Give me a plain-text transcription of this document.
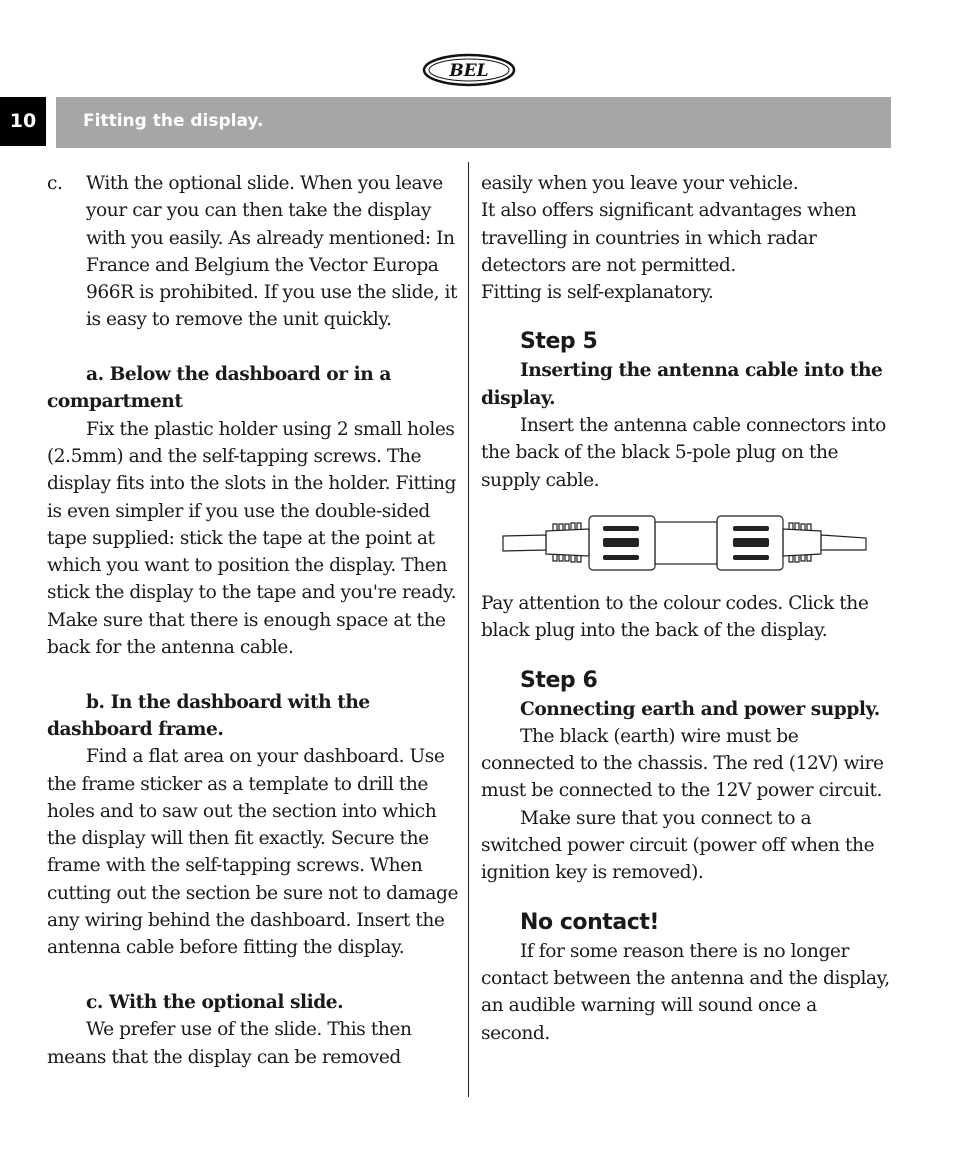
BEL
10	Fitting the display.
c.	With the optional slide. When you leave your car you can then take the display with you easily. As already mentioned: In France and Belgium the Vector Europa 966R is prohibited. If you use the slide, it is easy to remove the unit quickly.

a. Below the dashboard or in a compartment

Fix the plastic holder using 2 small holes (2.5mm) and the self-tapping screws. The display fits into the slots in the holder. Fitting is even simpler if you use the double-sided tape supplied: stick the tape at the point at which you want to position the display. Then stick the display to the tape and you're ready. Make sure that there is enough space at the back for the antenna cable.

b. In the dashboard with the dashboard frame.

Find a flat area on your dashboard. Use the frame sticker as a template to drill the holes and to saw out the section into which the display will then fit exactly. Secure the frame with the self-tapping screws. When cutting out the section be sure not to damage any wiring behind the dashboard. Insert the antenna cable before fitting the display.

c. With the optional slide.

We prefer use of the slide. This then means that the display can be removed

easily when you leave your vehicle.

It also offers significant advantages when travelling in countries in which radar detectors are not permitted.

Fitting is self-explanatory.

Step 5

Inserting the antenna cable into the display.

Insert the antenna cable connectors into the back of the black 5-pole plug on the supply cable.

Pay attention to the colour codes. Click the black plug into the back of the display.

Step 6

Connecting earth and power supply.

The black (earth) wire must be connected to the chassis. The red (12V) wire must be connected to the 12V power circuit.

Make sure that you connect to a switched power circuit (power off when the ignition key is removed).

No contact!

If for some reason there is no longer contact between the antenna and the display, an audible warning will sound once a second.
